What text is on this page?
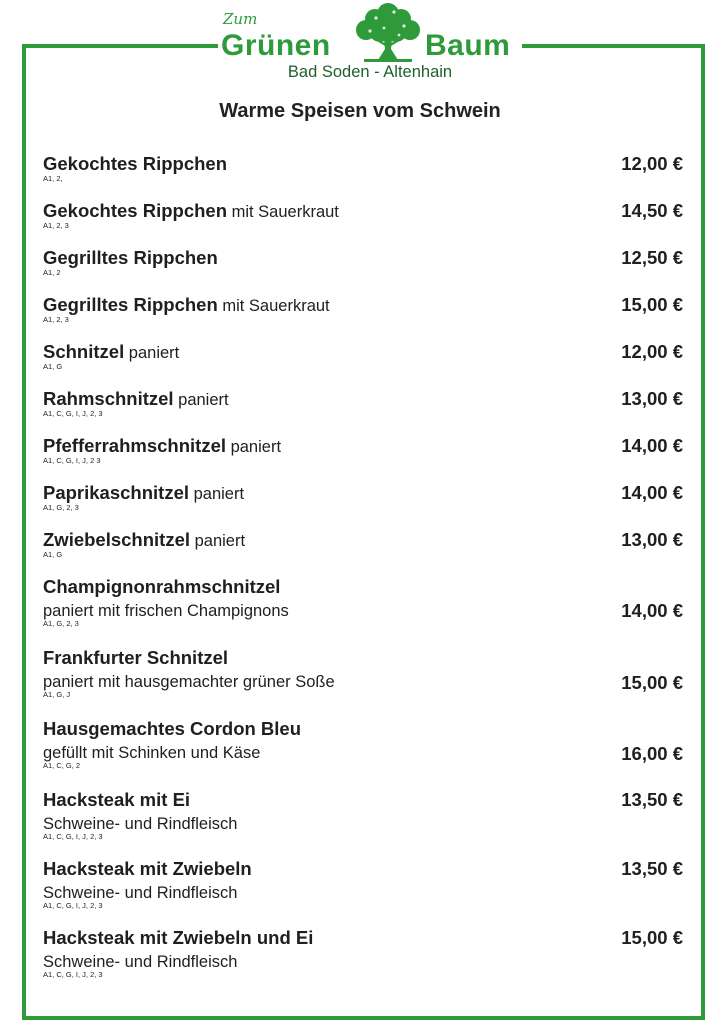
Zum
Grünen	Baum
Bad Soden - Altenhain
Warme Speisen vom Schwein
Gekochtes Rippchen
A1, 2,
12,00 €
Gekochtes Rippchen mit Sauerkraut
A1, 2, 3
14,50 €
Gegrilltes Rippchen
A1, 2
12,50 €
Gegrilltes Rippchen mit Sauerkraut
A1, 2, 3
15,00 €
Schnitzel paniert
A1, G
12,00 €
Rahmschnitzel paniert
A1, C, G, I, J, 2, 3
13,00 €
Pfefferrahmschnitzel paniert
A1, C, G, I, J, 2 3
14,00 €
Paprikaschnitzel paniert
A1, G, 2, 3
14,00 €
Zwiebelschnitzel paniert
A1, G
13,00 €
Champignonrahmschnitzel
paniert mit frischen Champignons
A1, G, 2, 3
14,00 €
Frankfurter Schnitzel
paniert mit hausgemachter grüner Soße
A1, G, J
15,00 €
Hausgemachtes Cordon Bleu
gefüllt mit Schinken und Käse
A1, C, G, 2
16,00 €
Hacksteak mit Ei
Schweine- und Rindfleisch
A1, C, G, I, J, 2, 3
13,50 €
Hacksteak mit Zwiebeln
Schweine- und Rindfleisch
A1, C, G, I, J, 2, 3
13,50 €
Hacksteak mit Zwiebeln und Ei
Schweine- und Rindfleisch
A1, C, G, I, J, 2, 3
15,00 €
